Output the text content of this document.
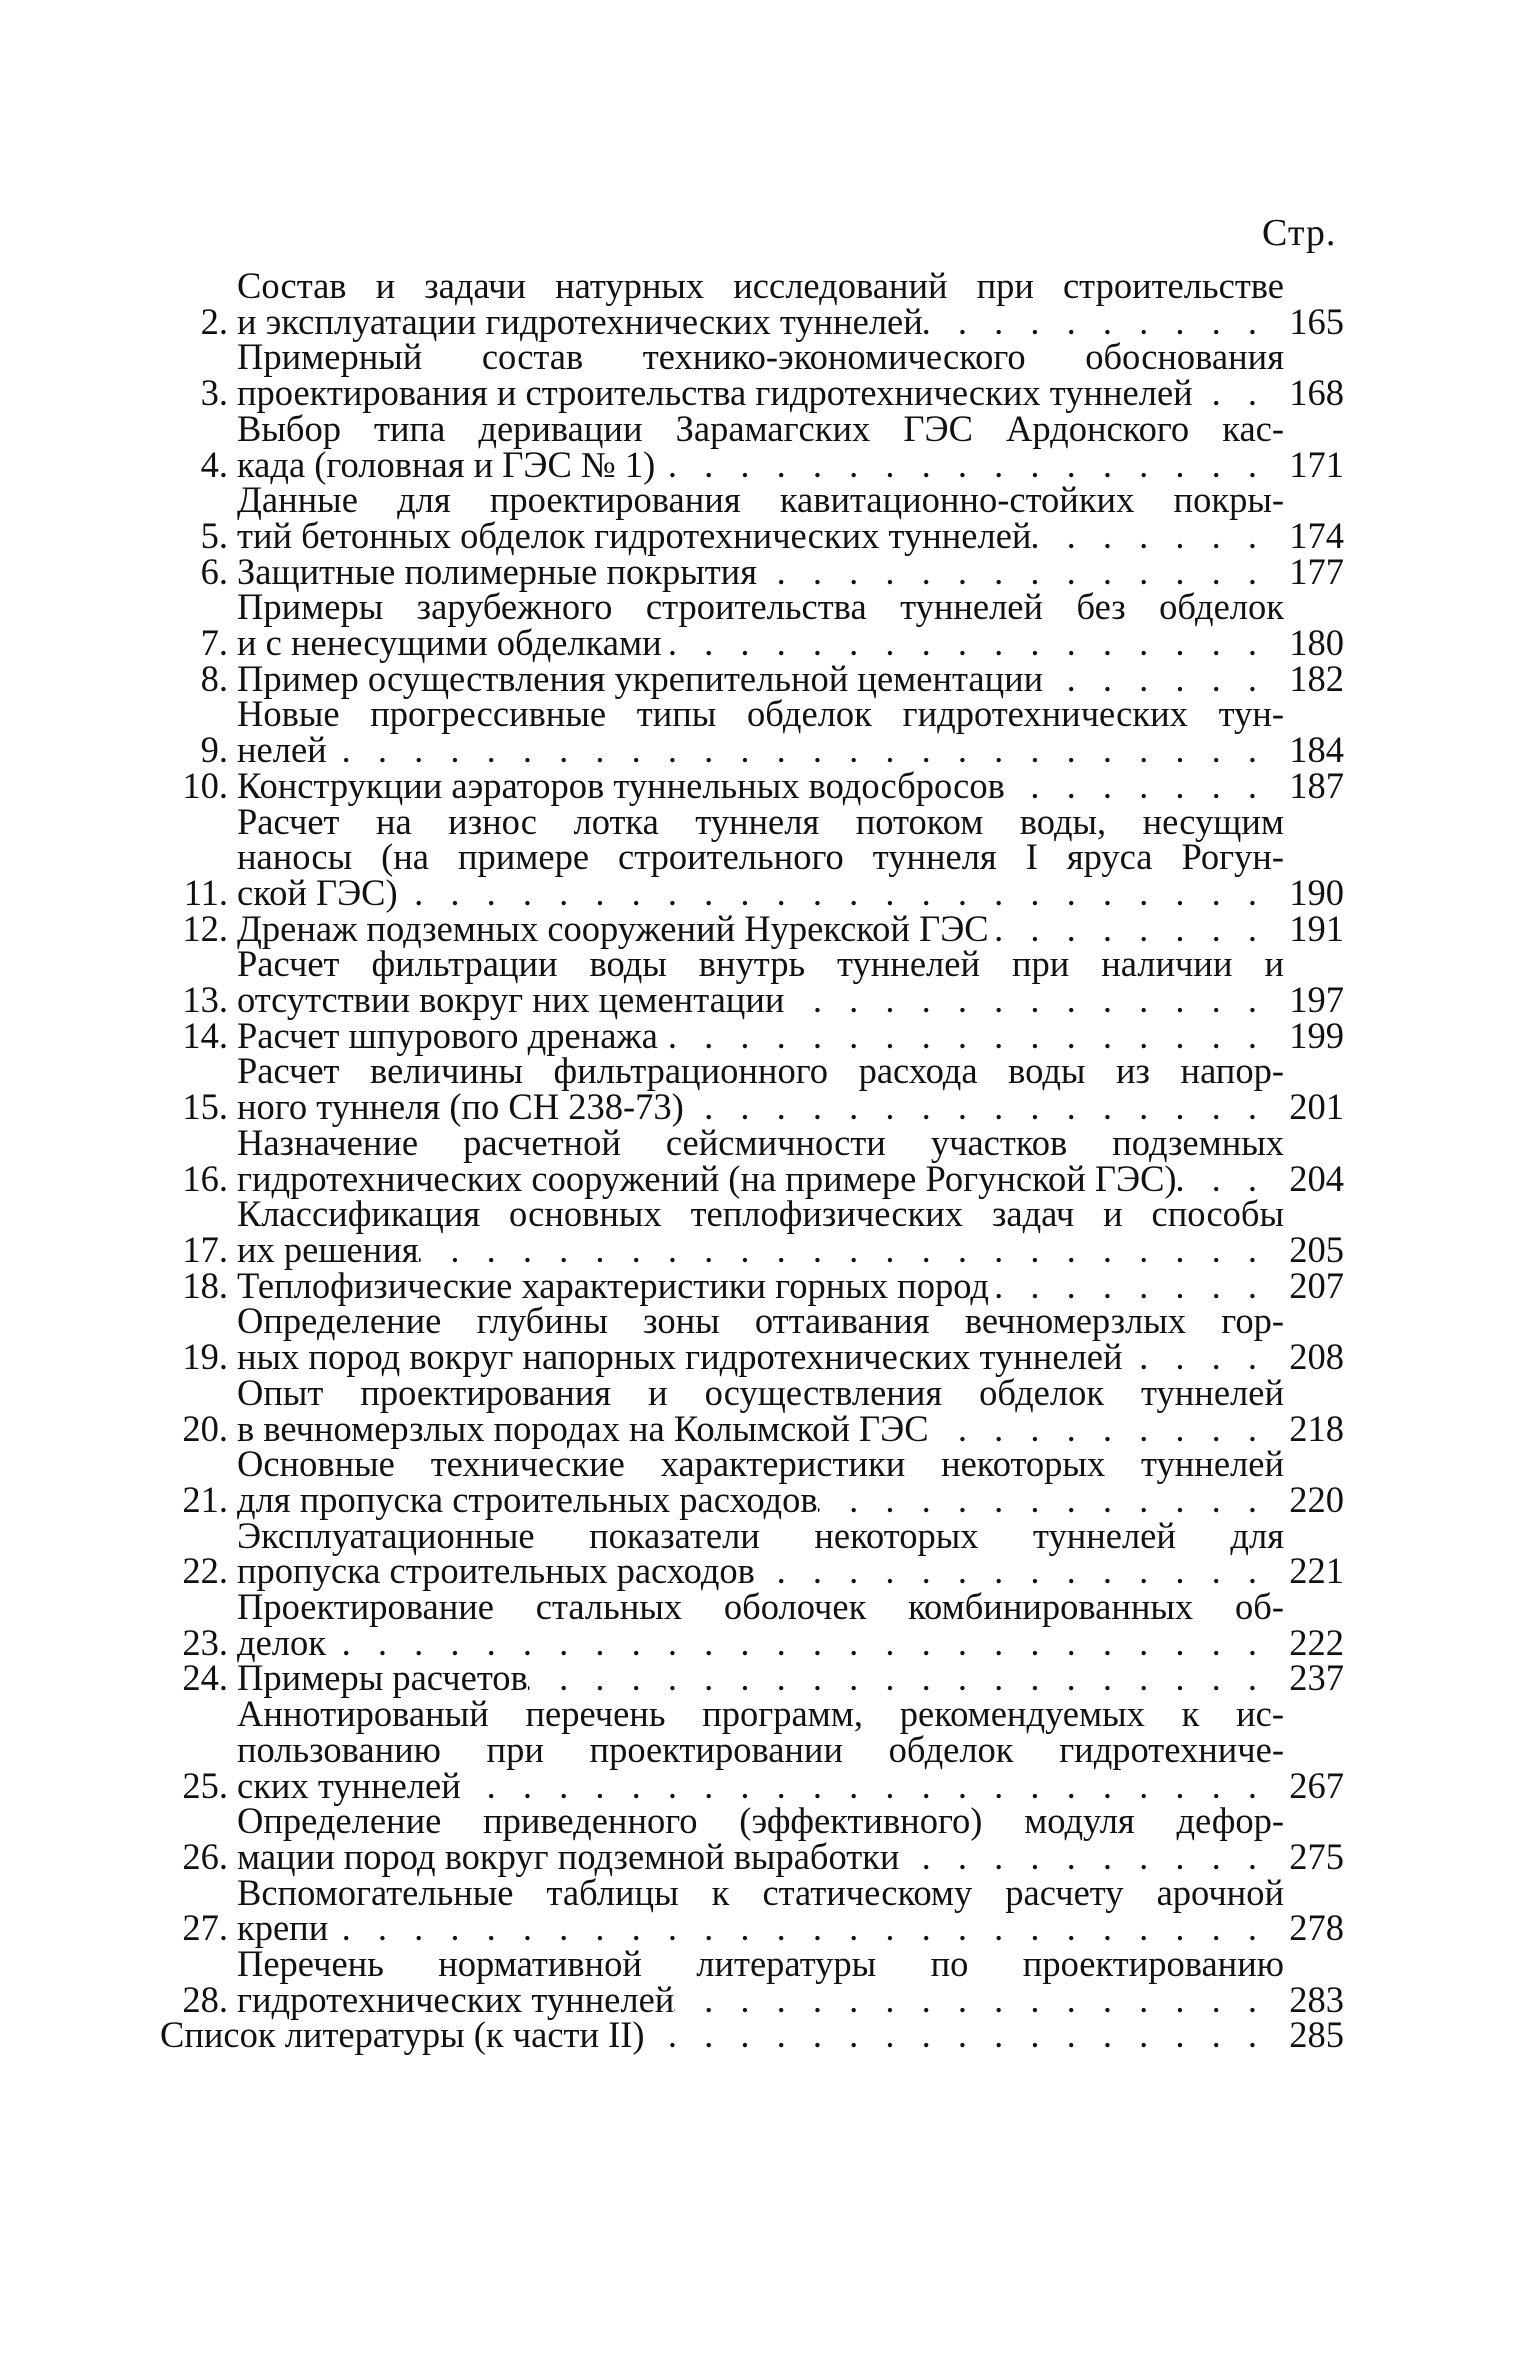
Стр.
2.
Состав и задачи натурных исследований при строительстве
и эксплуатации гидротехнических туннелей . . .	165
3.
Примерный состав технико-экономического обоснования
проектирования и строительства гидротехнических туннелей . . .	168
4.
Выбор типа деривации Зарамагских ГЭС Ардонского кас-
када (головная и ГЭС № 1) . . .	171
5.
Данные для проектирования кавитационно-стойких покры-
тий бетонных обделок гидротехнических туннелей . . .	174
6. Защитные полимерные покрытия . . .	177
7.
Примеры зарубежного строительства туннелей без обделок
и с ненесущими обделками . . .	180
8. Пример осуществления укрепительной цементации . . .	182
9.
Новые прогрессивные типы обделок гидротехнических тун-
нелей . . .	184
10. Конструкции аэраторов туннельных водосбросов . . .	187
11.
Расчет на износ лотка туннеля потоком воды, несущим
наносы (на примере строительного туннеля I яруса Рогун-
ской ГЭС) . . .	190
12. Дренаж подземных сооружений Нурекской ГЭС . . .	191
13.
Расчет фильтрации воды внутрь туннелей при наличии и
отсутствии вокруг них цементации . . .	197
14. Расчет шпурового дренажа . . .	199
15.
Расчет величины фильтрационного расхода воды из напор-
ного туннеля (по СН 238-73) . . .	201
16.
Назначение расчетной сейсмичности участков подземных
гидротехнических сооружений (на примере Рогунской ГЭС) . . .	204
17.
Классификация основных теплофизических задач и способы
их решения . . .	205
18. Теплофизические характеристики горных пород . . .	207
19.
Определение глубины зоны оттаивания вечномерзлых гор-
ных пород вокруг напорных гидротехнических туннелей . . .	208
20.
Опыт проектирования и осуществления обделок туннелей
в вечномерзлых породах на Колымской ГЭС . . .	218
21.
Основные технические характеристики некоторых туннелей
для пропуска строительных расходов . . .	220
22.
Эксплуатационные показатели некоторых туннелей для
пропуска строительных расходов . . .	221
23.
Проектирование стальных оболочек комбинированных об-
делок . . .	222
24. Примеры расчетов . . .	237
25.
Аннотированый перечень программ, рекомендуемых к ис-
пользованию при проектировании обделок гидротехниче-
ских туннелей . . .	267
26.
Определение приведенного (эффективного) модуля дефор-
мации пород вокруг подземной выработки . . .	275
27.
Вспомогательные таблицы к статическому расчету арочной
крепи . . .	278
28.
Перечень нормативной литературы по проектированию
гидротехнических туннелей . . .	283
Список литературы (к части II) . . .	285
